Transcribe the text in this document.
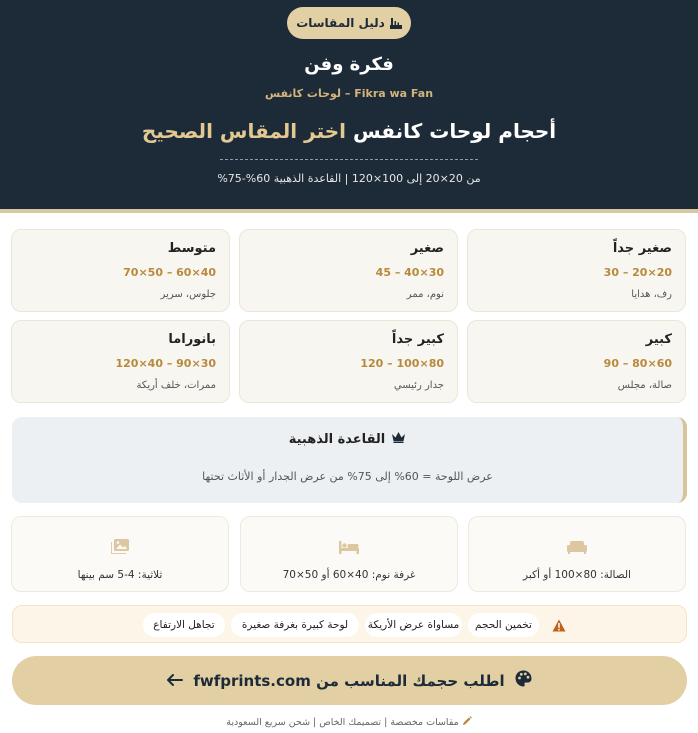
دليل المقاسات
فكرة وفن
Fikra wa Fan – لوحات كانفس
أحجام لوحات كانفس اختر المقاس الصحيح
من 20×20 إلى 100×120 | القاعدة الذهبية 60%-75%
صغير جداً
20×20 – 30
رف، هدايا
صغير
30×40 – 45
نوم، ممر
متوسط
40×60 – 50×70
جلوس، سرير
كبير
60×80 – 90
صالة، مجلس
كبير جداً
80×100 – 120
جدار رئيسي
بانوراما
30×90 – 40×120
ممرات، خلف أريكة
القاعدة الذهبية
عرض اللوحة = 60% إلى 75% من عرض الجدار أو الأثاث تحتها
الصالة: 80×100 أو أكبر
غرفة نوم: 40×60 أو 50×70
ثلاثية: 4-5 سم بينها
تخمين الحجم
مساواة عرض الأريكة
لوحة كبيرة بغرفة صغيرة
تجاهل الارتفاع
اطلب حجمك المناسب من fwfprints.com
مقاسات مخصصة | تصميمك الخاص | شحن سريع السعودية
